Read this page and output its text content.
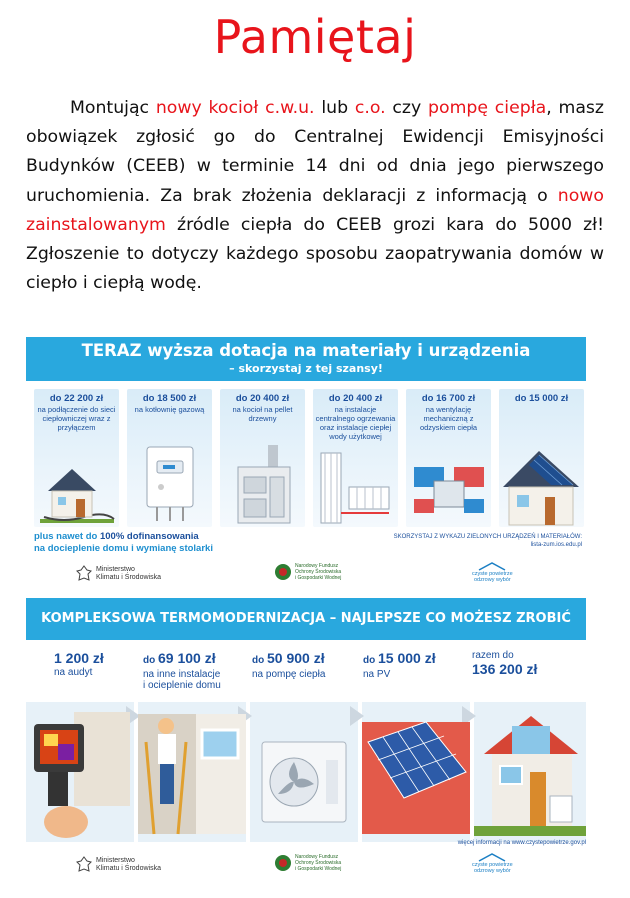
Pamiętaj

Montując nowy kocioł c.w.u. lub c.o. czy pompę ciepła, masz obowiązek zgłosić go do Centralnej Ewidencji Emisyjności Budynków (CEEB) w terminie 14 dni od dnia jego pierwszego uruchomienia. Za brak złożenia deklaracji z informacją o nowo zainstalowanym źródle ciepła do CEEB grozi kara do 5000 zł! Zgłoszenie to dotyczy każdego sposobu zaopatrywania domów w ciepło i ciepłą wodę.

TERAZ wyższa dotacja na materiały i urządzenia
– skorzystaj z tej szansy!
do 22 200 zł
na podłączenie do sieci ciepłowniczej wraz z przyłączem
do 18 500 zł
na kotłownię gazową
do 20 400 zł
na kocioł na pellet drzewny
do 20 400 zł
na instalacje centralnego ogrzewania oraz instalacje ciepłej wody użytkowej
do 16 700 zł
na wentylację mechaniczną z odzyskiem ciepła
do 15 000 zł
plus nawet do 100% dofinansowania
na docieplenie domu i wymianę stolarki
SKORZYSTAJ Z WYKAZU ZIELONYCH URZĄDZEŃ I MATERIAŁÓW:
lista-zum.ios.edu.pl
Ministerstwo
Klimatu i Środowiska
Narodowy Fundusz
Ochrony Środowiska
i Gospodarki Wodnej
czyste powietrze
odzrowy wybór
KOMPLEKSOWA TERMOMODERNIZACJA – NAJLEPSZE CO MOŻESZ ZROBIĆ
1 200 zł
na audyt
do 69 100 zł
na inne instalacje
i ocieplenie domu
do 50 900 zł
na pompę ciepła
do 15 000 zł
na PV
razem do
136 200 zł
więcej informacji na www.czystepowietrze.gov.pl
Ministerstwo
Klimatu i Środowiska
Narodowy Fundusz
Ochrony Środowiska
i Gospodarki Wodnej
czyste powietrze
odzrowy wybór
